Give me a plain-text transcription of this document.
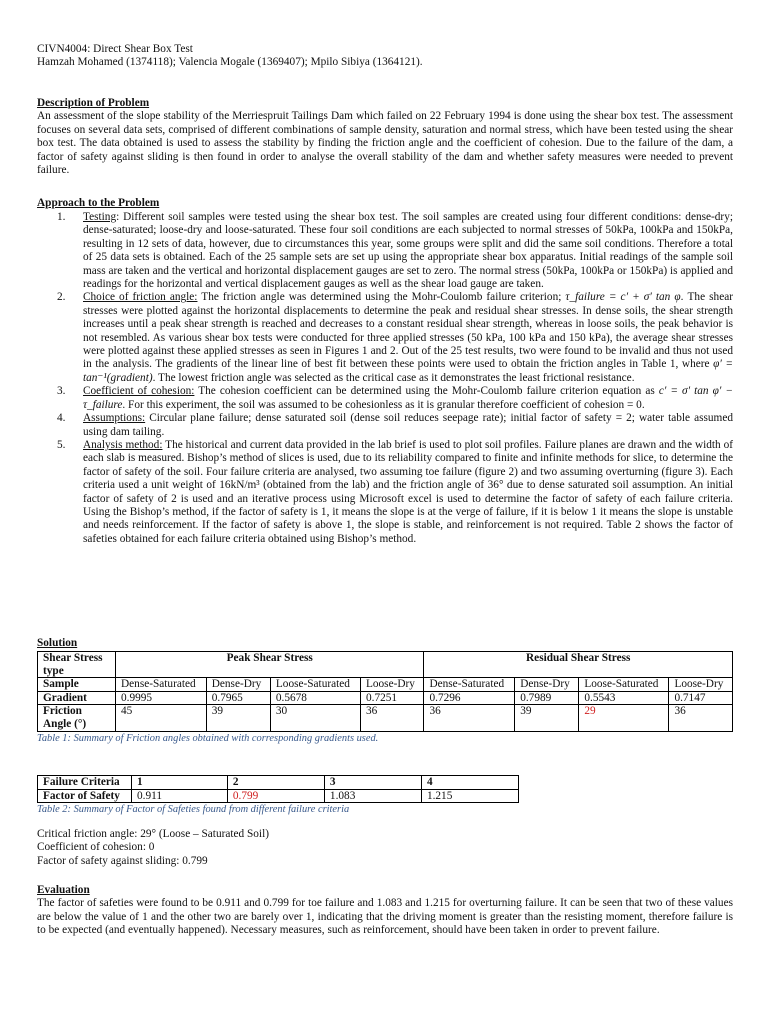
CIVN4004: Direct Shear Box Test
Hamzah Mohamed (1374118); Valencia Mogale (1369407); Mpilo Sibiya (1364121).
Description of Problem
An assessment of the slope stability of the Merriespruit Tailings Dam which failed on 22 February 1994 is done using the shear box test. The assessment focuses on several data sets, comprised of different combinations of sample density, saturation and normal stress, which have been tested using the shear box test. The data obtained is used to assess the stability by finding the friction angle and the coefficient of cohesion. Due to the failure of the dam, a factor of safety against sliding is then found in order to analyse the overall stability of the dam and whether safety measures were needed to prevent failure.
Approach to the Problem
1. Testing: Different soil samples were tested using the shear box test. The soil samples are created using four different conditions: dense-dry; dense-saturated; loose-dry and loose-saturated. These four soil conditions are each subjected to normal stresses of 50kPa, 100kPa and 150kPa, resulting in 12 sets of data, however, due to circumstances this year, some groups were split and did the same soil conditions. Therefore a total of 25 data sets is obtained. Each of the 25 sample sets are set up using the appropriate shear box apparatus. Initial readings of the sample soil mass are taken and the vertical and horizontal displacement gauges are set to zero. The normal stress (50kPa, 100kPa or 150kPa) is applied and readings for the horizontal and vertical displacement gauges as well as the shear load gauge are taken.
2. Choice of friction angle: The friction angle was determined using the Mohr-Coulomb failure criterion; τ_failure = c′ + σ′ tan φ. The shear stresses were plotted against the horizontal displacements to determine the peak and residual shear stresses. In dense soils, the shear strength increases until a peak shear strength is reached and decreases to a constant residual shear strength, whereas in loose soils, the peak behavior is not resembled. As various shear box tests were conducted for three applied stresses (50 kPa, 100 kPa and 150 kPa), the average shear stresses were plotted against these applied stresses as seen in Figures 1 and 2. Out of the 25 test results, two were found to be invalid and thus not used in the analysis. The gradients of the linear line of best fit between these points were used to obtain the friction angles in Table 1, where φ′ = tan⁻¹(gradient). The lowest friction angle was selected as the critical case as it demonstrates the least frictional resistance.
3. Coefficient of cohesion: The cohesion coefficient can be determined using the Mohr-Coulomb failure criterion equation as c′ = σ′ tan φ′ − τ_failure. For this experiment, the soil was assumed to be cohesionless as it is granular therefore coefficient of cohesion = 0.
4. Assumptions: Circular plane failure; dense saturated soil (dense soil reduces seepage rate); initial factor of safety = 2; water table assumed using dam tailing.
5. Analysis method: The historical and current data provided in the lab brief is used to plot soil profiles. Failure planes are drawn and the width of each slab is measured. Bishop’s method of slices is used, due to its reliability compared to finite and infinite methods for slice, to determine the factor of safety of the soil. Four failure criteria are analysed, two assuming toe failure (figure 2) and two assuming overturning (figure 3). Each criteria used a unit weight of 16kN/m³ (obtained from the lab) and the friction angle of 36° due to dense saturated soil assumption. An initial factor of safety of 2 is used and an iterative process using Microsoft excel is used to determine the factor of safety of each failure criteria. Using the Bishop’s method, if the factor of safety is 1, it means the slope is at the verge of failure, if it is below 1 it means the slope is unstable and needs reinforcement. If the factor of safety is above 1, the slope is stable, and reinforcement is not required. Table 2 shows the factor of safeties obtained for each failure criteria obtained using Bishop’s method.
Solution
Shear Stress type	Peak Shear Stress				Residual Shear Stress			
Sample	Dense-Saturated	Dense-Dry	Loose-Saturated	Loose-Dry	Dense-Saturated	Dense-Dry	Loose-Saturated	Loose-Dry
Gradient	0.9995	0.7965	0.5678	0.7251	0.7296	0.7989	0.5543	0.7147
Friction Angle (°)	45	39	30	36	36	39	29	36
Table 1: Summary of Friction angles obtained with corresponding gradients used.
Failure Criteria	1	2	3	4
Factor of Safety	0.911	0.799	1.083	1.215
Table 2: Summary of Factor of Safeties found from different failure criteria
Critical friction angle: 29° (Loose – Saturated Soil)
Coefficient of cohesion: 0
Factor of safety against sliding: 0.799
Evaluation
The factor of safeties were found to be 0.911 and 0.799 for toe failure and 1.083 and 1.215 for overturning failure. It can be seen that two of these values are below the value of 1 and the other two are barely over 1, indicating that the driving moment is greater than the resisting moment, therefore failure is to be expected (and eventually happened). Necessary measures, such as reinforcement, should have been taken in order to prevent failure.
